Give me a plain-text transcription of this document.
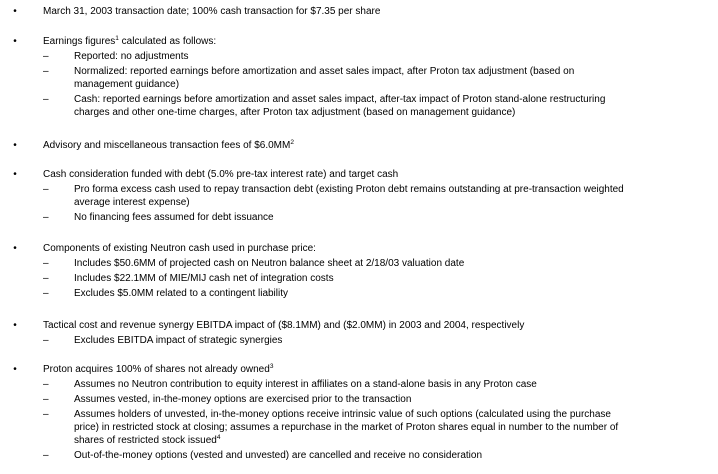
•	March 31, 2003 transaction date; 100% cash transaction for $7.35 per share
•	Earnings figures$^1$ calculated as follows:
–	Reported: no adjustments
–	Normalized: reported earnings before amortization and asset sales impact, after Proton tax adjustment (based on
management guidance)
–	Cash: reported earnings before amortization and asset sales impact, after-tax impact of Proton stand-alone restructuring
charges and other one-time charges, after Proton tax adjustment (based on management guidance)
•	Advisory and miscellaneous transaction fees of $\$6.0MM^2$
•	Cash consideration funded with debt (5.0% pre-tax interest rate) and target cash
–	Pro forma excess cash used to repay transaction debt (existing Proton debt remains outstanding at pre-transaction weighted
average interest expense)
–	No financing fees assumed for debt issuance
•	Components of existing Neutron cash used in purchase price:
–	Includes $50.6MM of projected cash on Neutron balance sheet at 2/18/03 valuation date
–	Includes $22.1MM of MIE/MIJ cash net of integration costs
–	Excludes $5.0MM related to a contingent liability
•	Tactical cost and revenue synergy EBITDA impact of ($8.1MM) and ($2.0MM) in 2003 and 2004, respectively
–	Excludes EBITDA impact of strategic synergies
•	Proton acquires 100% of shares not already owned$^3$
–	Assumes no Neutron contribution to equity interest in affiliates on a stand-alone basis in any Proton case
–	Assumes vested, in-the-money options are exercised prior to the transaction
–	Assumes holders of unvested, in-the-money options receive intrinsic value of such options (calculated using the purchase
price) in restricted stock at closing; assumes a repurchase in the market of Proton shares equal in number to the number of
shares of restricted stock issued$^4$
–	Out-of-the-money options (vested and unvested) are cancelled and receive no consideration
